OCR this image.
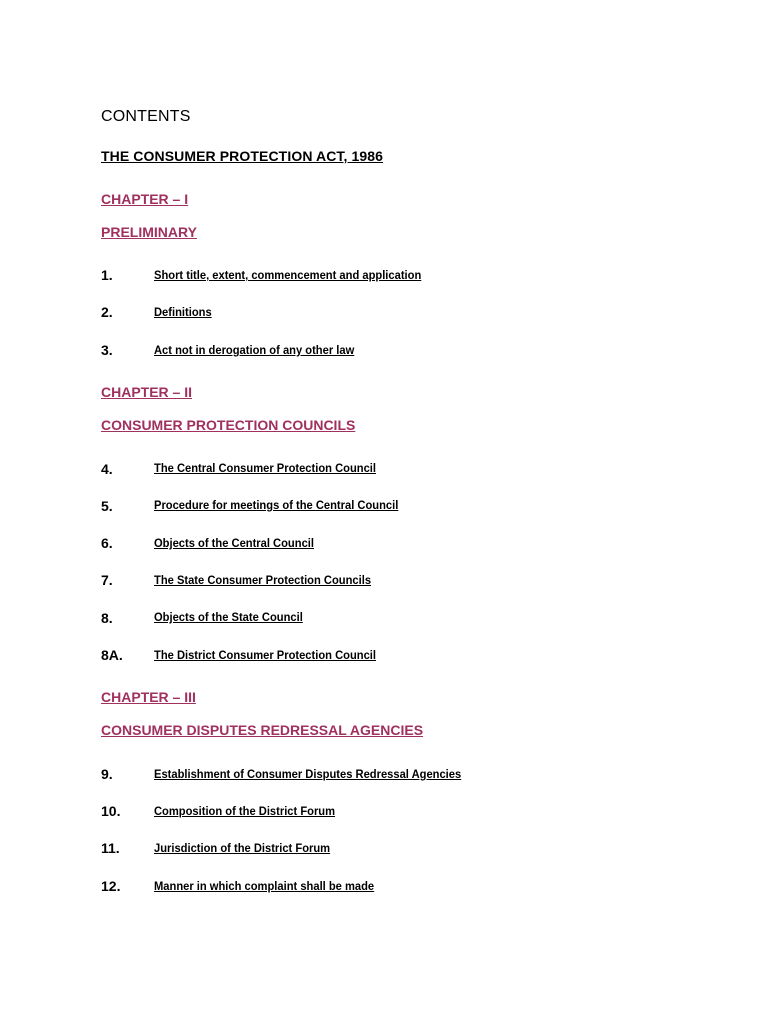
CONTENTS
THE CONSUMER PROTECTION ACT, 1986
CHAPTER – I
PRELIMINARY
1.	Short title, extent, commencement and application
2.	Definitions
3.	Act not in derogation of any other law
CHAPTER – II
CONSUMER PROTECTION COUNCILS
4.	The Central Consumer Protection Council
5.	Procedure for meetings of the Central Council
6.	Objects of the Central Council
7.	The State Consumer Protection Councils
8.	Objects of the State Council
8A.	The District Consumer Protection Council
CHAPTER – III
CONSUMER DISPUTES REDRESSAL AGENCIES
9.	Establishment of Consumer Disputes Redressal Agencies
10.	Composition of the District Forum
11.	Jurisdiction of the District Forum
12.	Manner in which complaint shall be made
